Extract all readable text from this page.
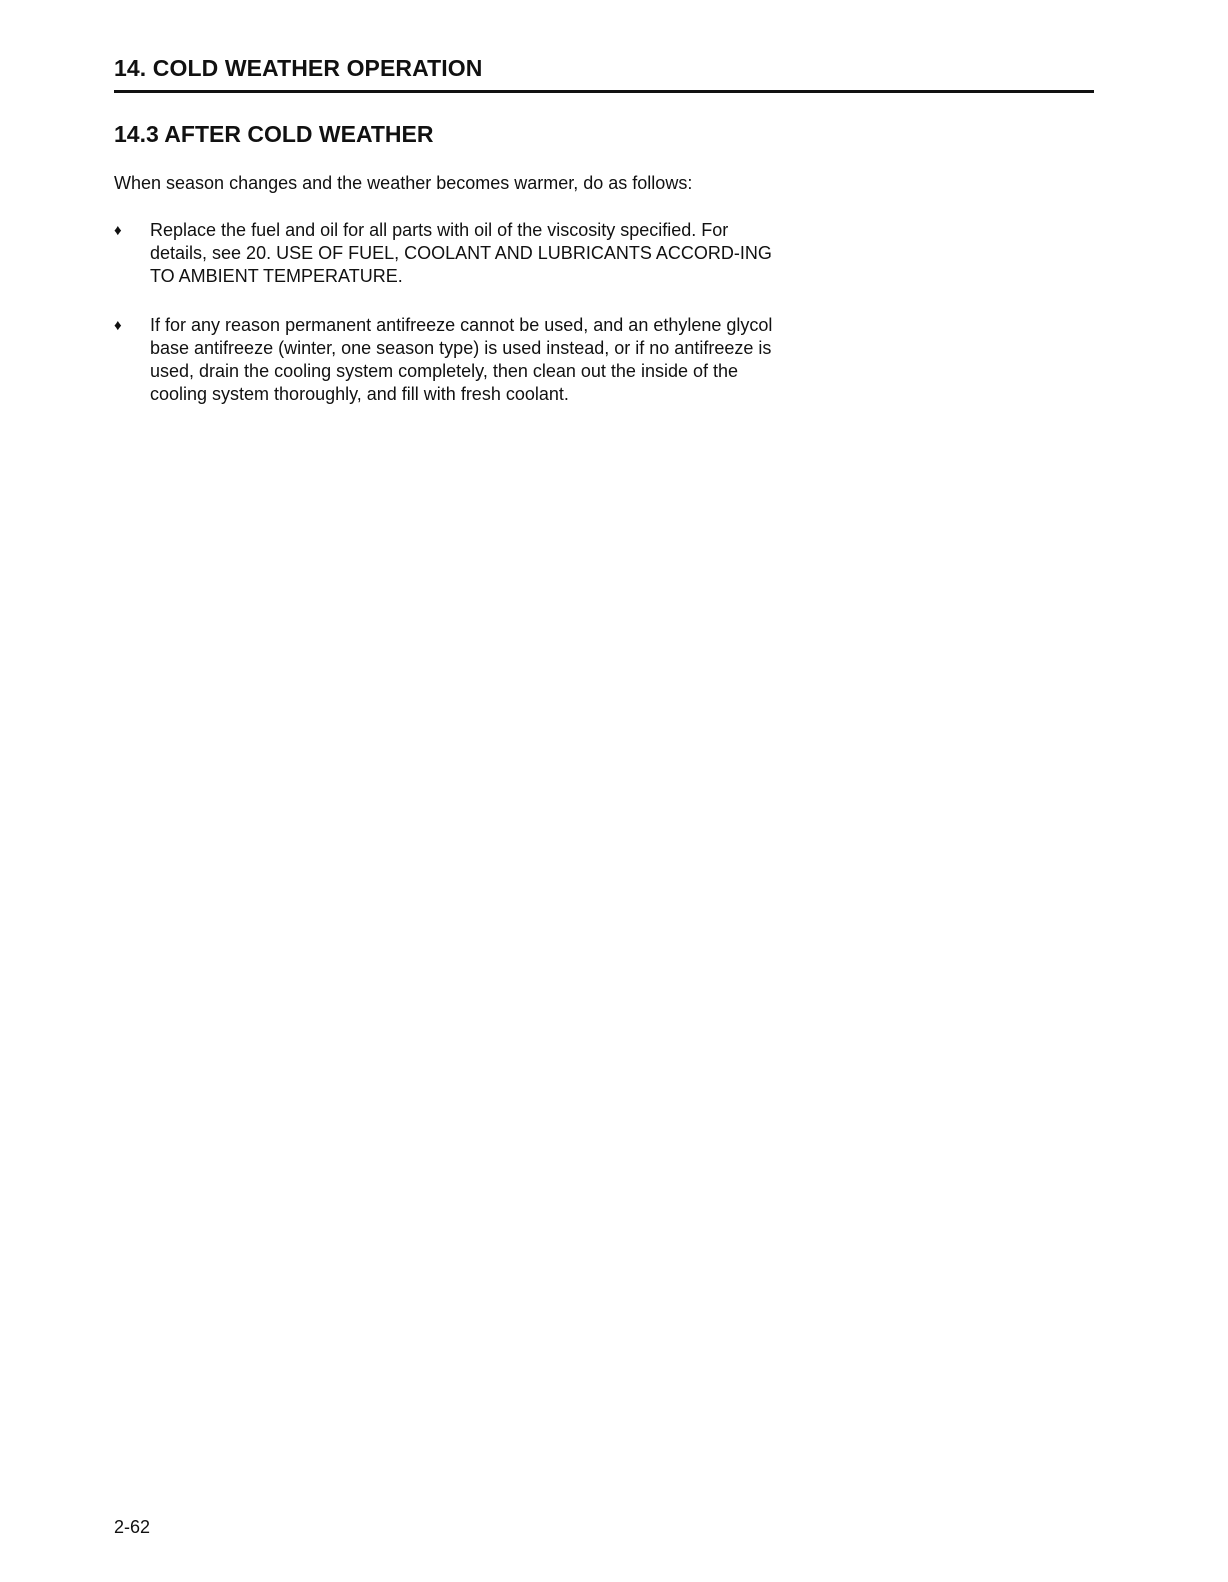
14. COLD WEATHER OPERATION
14.3 AFTER COLD WEATHER
When season changes and the weather becomes warmer, do as follows:
♦ Replace the fuel and oil for all parts with oil of the viscosity specified. For details, see 20. USE OF FUEL, COOLANT AND LUBRICANTS ACCORD-ING TO AMBIENT TEMPERATURE.
♦ If for any reason permanent antifreeze cannot be used, and an ethylene glycol base antifreeze (winter, one season type) is used instead, or if no antifreeze is used, drain the cooling system completely, then clean out the inside of the cooling system thoroughly, and fill with fresh coolant.
2-62
